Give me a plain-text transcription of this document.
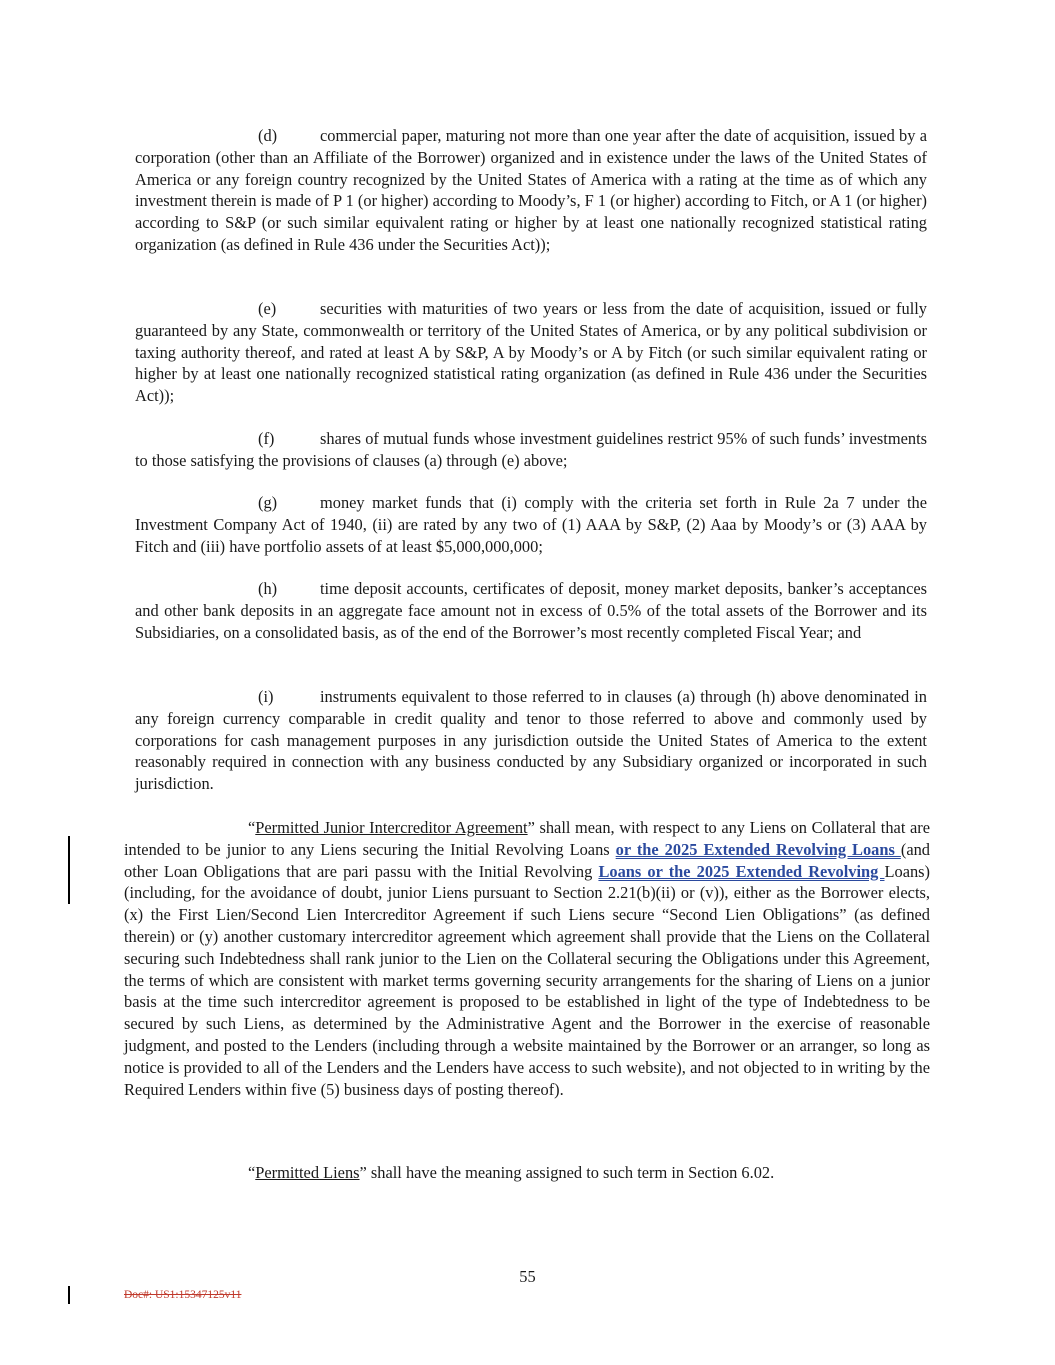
(d)	commercial paper, maturing not more than one year after the date of acquisition, issued by a corporation (other than an Affiliate of the Borrower) organized and in existence under the laws of the United States of America or any foreign country recognized by the United States of America with a rating at the time as of which any investment therein is made of P 1 (or higher) according to Moody’s, F 1 (or higher) according to Fitch, or A 1 (or higher) according to S&P (or such similar equivalent rating or higher by at least one nationally recognized statistical rating organization (as defined in Rule 436 under the Securities Act));

(e)	securities with maturities of two years or less from the date of acquisition, issued or fully guaranteed by any State, commonwealth or territory of the United States of America, or by any political subdivision or taxing authority thereof, and rated at least A by S&P, A by Moody’s or A by Fitch (or such similar equivalent rating or higher by at least one nationally recognized statistical rating organization (as defined in Rule 436 under the Securities Act));

(f)	shares of mutual funds whose investment guidelines restrict 95% of such funds’ investments to those satisfying the provisions of clauses (a) through (e) above;

(g)	money market funds that (i) comply with the criteria set forth in Rule 2a 7 under the Investment Company Act of 1940, (ii) are rated by any two of (1) AAA by S&P, (2) Aaa by Moody’s or (3) AAA by Fitch and (iii) have portfolio assets of at least $5,000,000,000;

(h)	time deposit accounts, certificates of deposit, money market deposits, banker’s acceptances and other bank deposits in an aggregate face amount not in excess of 0.5% of the total assets of the Borrower and its Subsidiaries, on a consolidated basis, as of the end of the Borrower’s most recently completed Fiscal Year; and

(i)	instruments equivalent to those referred to in clauses (a) through (h) above denominated in any foreign currency comparable in credit quality and tenor to those referred to above and commonly used by corporations for cash management purposes in any jurisdiction outside the United States of America to the extent reasonably required in connection with any business conducted by any Subsidiary organized or incorporated in such jurisdiction.

“Permitted Junior Intercreditor Agreement” shall mean, with respect to any Liens on Collateral that are intended to be junior to any Liens securing the Initial Revolving Loans or the 2025 Extended Revolving Loans (and other Loan Obligations that are pari passu with the Initial Revolving Loans or the 2025 Extended Revolving Loans) (including, for the avoidance of doubt, junior Liens pursuant to Section 2.21(b)(ii) or (v)), either as the Borrower elects, (x) the First Lien/Second Lien Intercreditor Agreement if such Liens secure “Second Lien Obligations” (as defined therein) or (y) another customary intercreditor agreement which agreement shall provide that the Liens on the Collateral securing such Indebtedness shall rank junior to the Lien on the Collateral securing the Obligations under this Agreement, the terms of which are consistent with market terms governing security arrangements for the sharing of Liens on a junior basis at the time such intercreditor agreement is proposed to be established in light of the type of Indebtedness to be secured by such Liens, as determined by the Administrative Agent and the Borrower in the exercise of reasonable judgment, and posted to the Lenders (including through a website maintained by the Borrower or an arranger, so long as notice is provided to all of the Lenders and the Lenders have access to such website), and not objected to in writing by the Required Lenders within five (5) business days of posting thereof).

“Permitted Liens” shall have the meaning assigned to such term in Section 6.02.

55
Doc#: US1:15347125v11
